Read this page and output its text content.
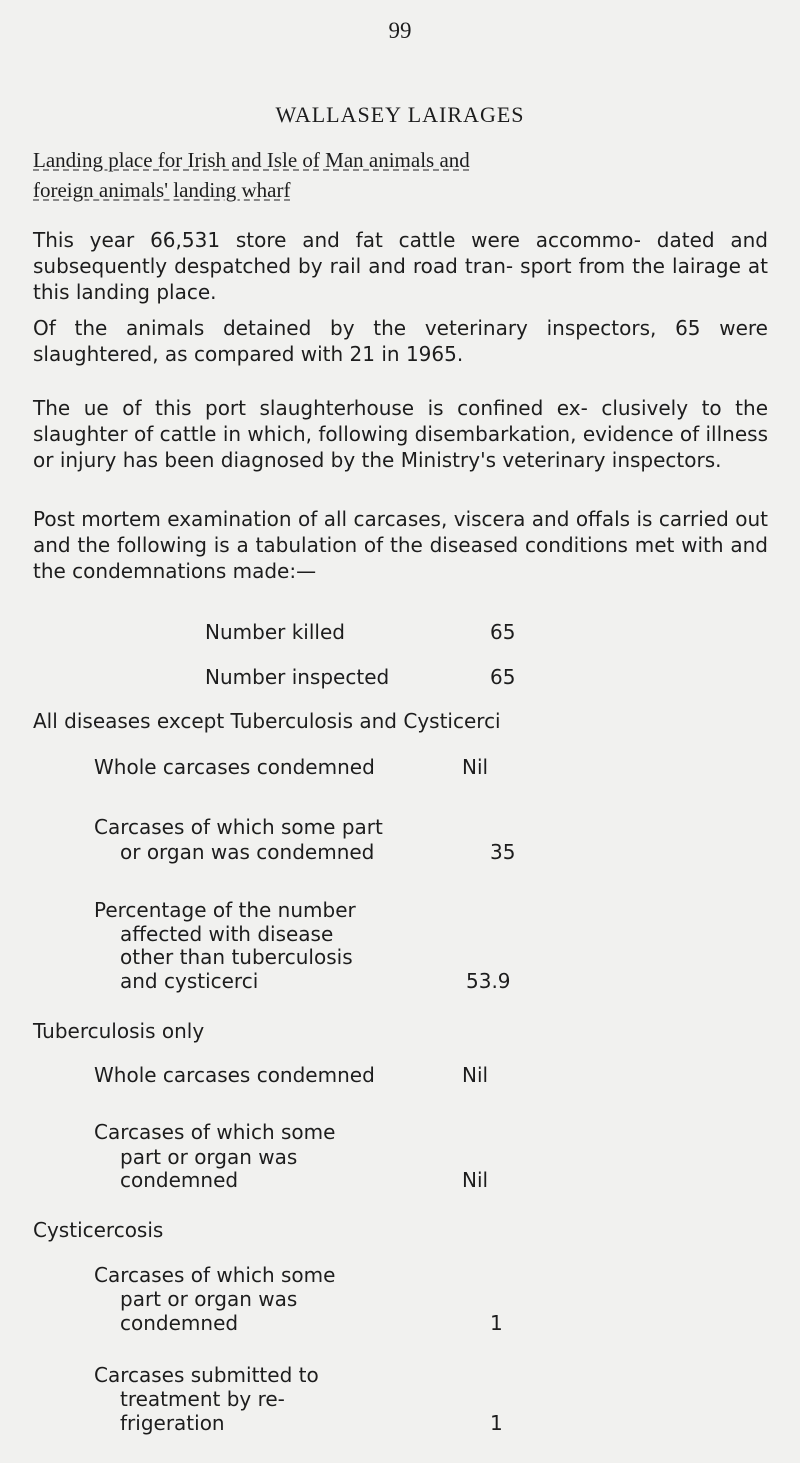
99
WALLASEY LAIRAGES
Landing place for Irish and Isle of Man animals and
foreign animals' landing wharf
This year 66,531 store and fat cattle were accommo- dated and subsequently despatched by rail and road tran- sport from the lairage at this landing place.
Of the animals detained by the veterinary inspectors, 65 were slaughtered, as compared with 21 in 1965.
The ue of this port slaughterhouse is confined ex- clusively to the slaughter of cattle in which, following disembarkation, evidence of illness or injury has been diagnosed by the Ministry's veterinary inspectors.
Post mortem examination of all carcases, viscera and offals is carried out and the following is a tabulation of the diseased conditions met with and the condemnations made:—
Number killed	65
Number inspected	65
All diseases except Tuberculosis and Cysticerci
Whole carcases condemned	Nil
Carcases of which some part
or organ was condemned	35
Percentage of the number
affected with disease
other than tuberculosis
and cysticerci	53.9
Tuberculosis only
Whole carcases condemned	Nil
Carcases of which some
part or organ was
condemned	Nil
Cysticercosis
Carcases of which some
part or organ was
condemned	1
Carcases submitted to
treatment by re-
frigeration	1
